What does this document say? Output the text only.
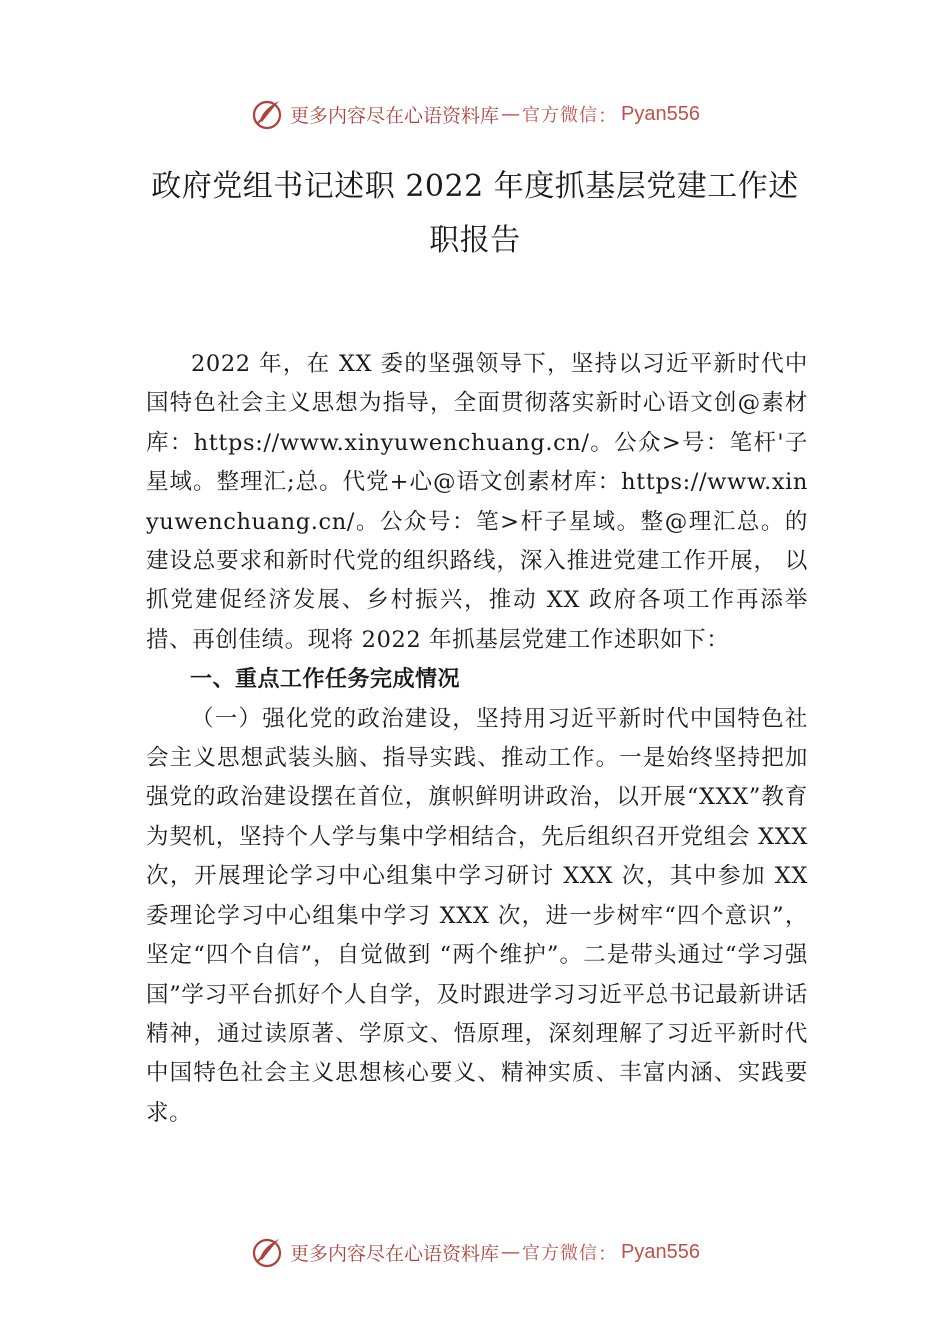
更多内容尽在心语资料库 — 官方微信 ： Pyan556
政府党组书记述职 2022 年度抓基层党建工作述职报告

2022 年，在 XX 委的坚强领导下，坚持以习近平新时代中国特色社会主义思想为指导，全面贯彻落实新时心语文创@素材库：https://www.xinyuwenchuang.cn/。公众>号：笔杆'子星域。整理汇;总。代党+心@语文创素材库：https://www.xinyuwenchuang.cn/。公众号：笔>杆子星域。整@理汇总。的建设总要求和新时代党的组织路线，深入推进党建工作开展， 以抓党建促经济发展、乡村振兴，推动 XX 政府各项工作再添举措、再创佳绩。现将 2022 年抓基层党建工作述职如下：

一、重点工作任务完成情况

（一）强化党的政治建设，坚持用习近平新时代中国特色社会主义思想武装头脑、指导实践、推动工作。一是始终坚持把加强党的政治建设摆在首位，旗帜鲜明讲政治，以开展“XXX”教育为契机，坚持个人学与集中学相结合，先后组织召开党组会 XXX 次，开展理论学习中心组集中学习研讨 XXX 次，其中参加 XX 委理论学习中心组集中学习 XXX 次，进一步树牢“四个意识”，坚定“四个自信”，自觉做到 “两个维护”。二是带头通过“学习强国”学习平台抓好个人自学，及时跟进学习习近平总书记最新讲话精神，通过读原著、学原文、悟原理，深刻理解了习近平新时代中国特色社会主义思想核心要义、精神实质、丰富内涵、实践要求。

更多内容尽在心语资料库 — 官方微信 ： Pyan556
